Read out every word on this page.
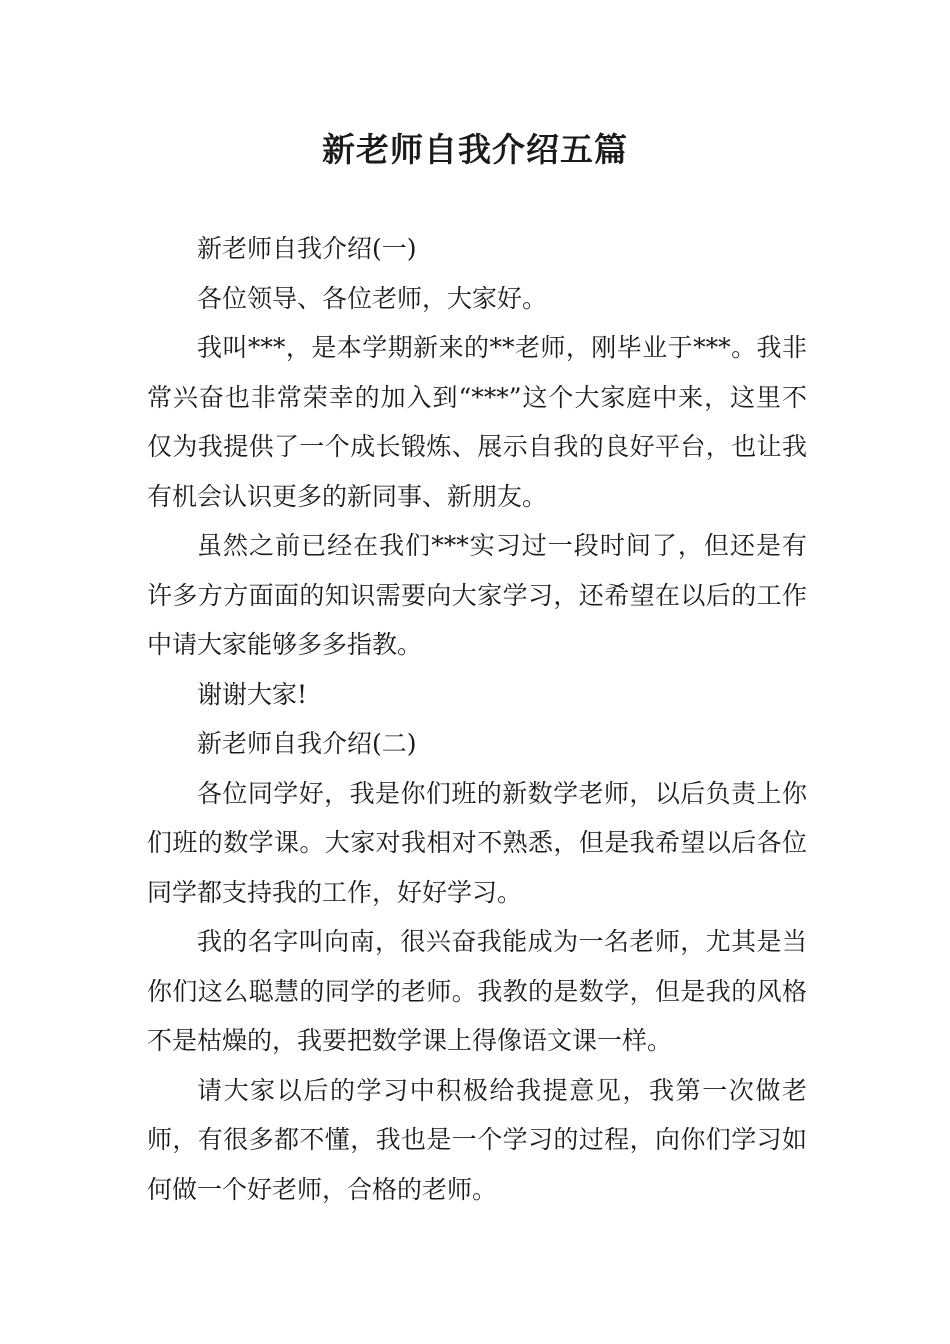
新老师自我介绍五篇

新老师自我介绍(一)

各位领导、各位老师，大家好。

我叫***，是本学期新来的**老师，刚毕业于***。我非常兴奋也非常荣幸的加入到“***”这个大家庭中来，这里不仅为我提供了一个成长锻炼、展示自我的良好平台，也让我有机会认识更多的新同事、新朋友。

虽然之前已经在我们***实习过一段时间了，但还是有许多方方面面的知识需要向大家学习，还希望在以后的工作中请大家能够多多指教。

谢谢大家!

新老师自我介绍(二)

各位同学好，我是你们班的新数学老师，以后负责上你们班的数学课。大家对我相对不熟悉，但是我希望以后各位同学都支持我的工作，好好学习。

我的名字叫向南，很兴奋我能成为一名老师，尤其是当你们这么聪慧的同学的老师。我教的是数学，但是我的风格不是枯燥的，我要把数学课上得像语文课一样。

请大家以后的学习中积极给我提意见，我第一次做老师，有很多都不懂，我也是一个学习的过程，向你们学习如何做一个好老师，合格的老师。
